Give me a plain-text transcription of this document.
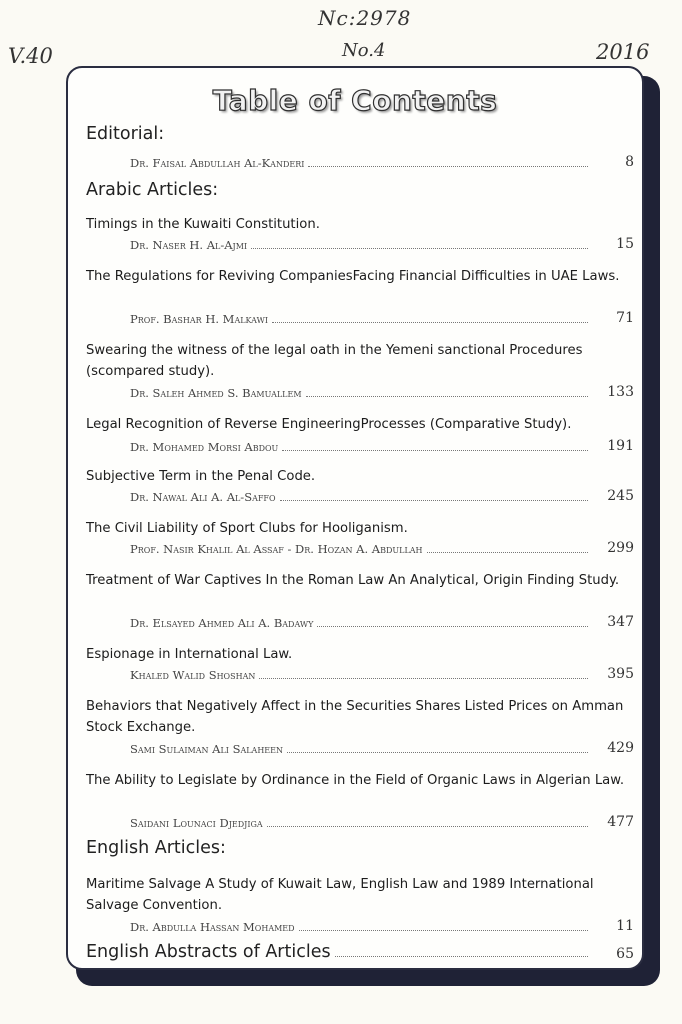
Nc:2978
V.40	No.4	2016
Table of Contents
Editorial:
Dr. Faisal Abdullah Al-Kanderi	8
Arabic Articles:
Timings in the Kuwaiti Constitution.
Dr. Naser H. Al-Ajmi	15
The Regulations for Reviving CompaniesFacing Financial Difficulties in UAE Laws.
Prof. Bashar H. Malkawi	71
Swearing the witness of the legal oath in the Yemeni sanctional Procedures (scompared study).
Dr. Saleh Ahmed S. Bamuallem	133
Legal Recognition of Reverse EngineeringProcesses (Comparative Study).
Dr. Mohamed Morsi Abdou	191
Subjective Term in the Penal Code.
Dr. Nawal Ali A. Al-Saffo	245
The Civil Liability of Sport Clubs for Hooliganism.
Prof. Nasir Khalil Al Assaf - Dr. Hozan A. Abdullah	299
Treatment of War Captives In the Roman Law An Analytical, Origin Finding Study.
Dr. Elsayed Ahmed Ali A. Badawy	347
Espionage in International Law.
Khaled Walid Shoshan	395
Behaviors that Negatively Affect in the Securities Shares Listed Prices on Amman Stock Exchange.
Sami Sulaiman Ali Salaheen	429
The Ability to Legislate by Ordinance in the Field of Organic Laws in Algerian Law.
Saidani Lounaci Djedjiga	477
English Articles:
Maritime Salvage A Study of Kuwait Law, English Law and 1989 International Salvage Convention.
Dr. Abdulla Hassan Mohamed	11
English Abstracts of Articles	65
